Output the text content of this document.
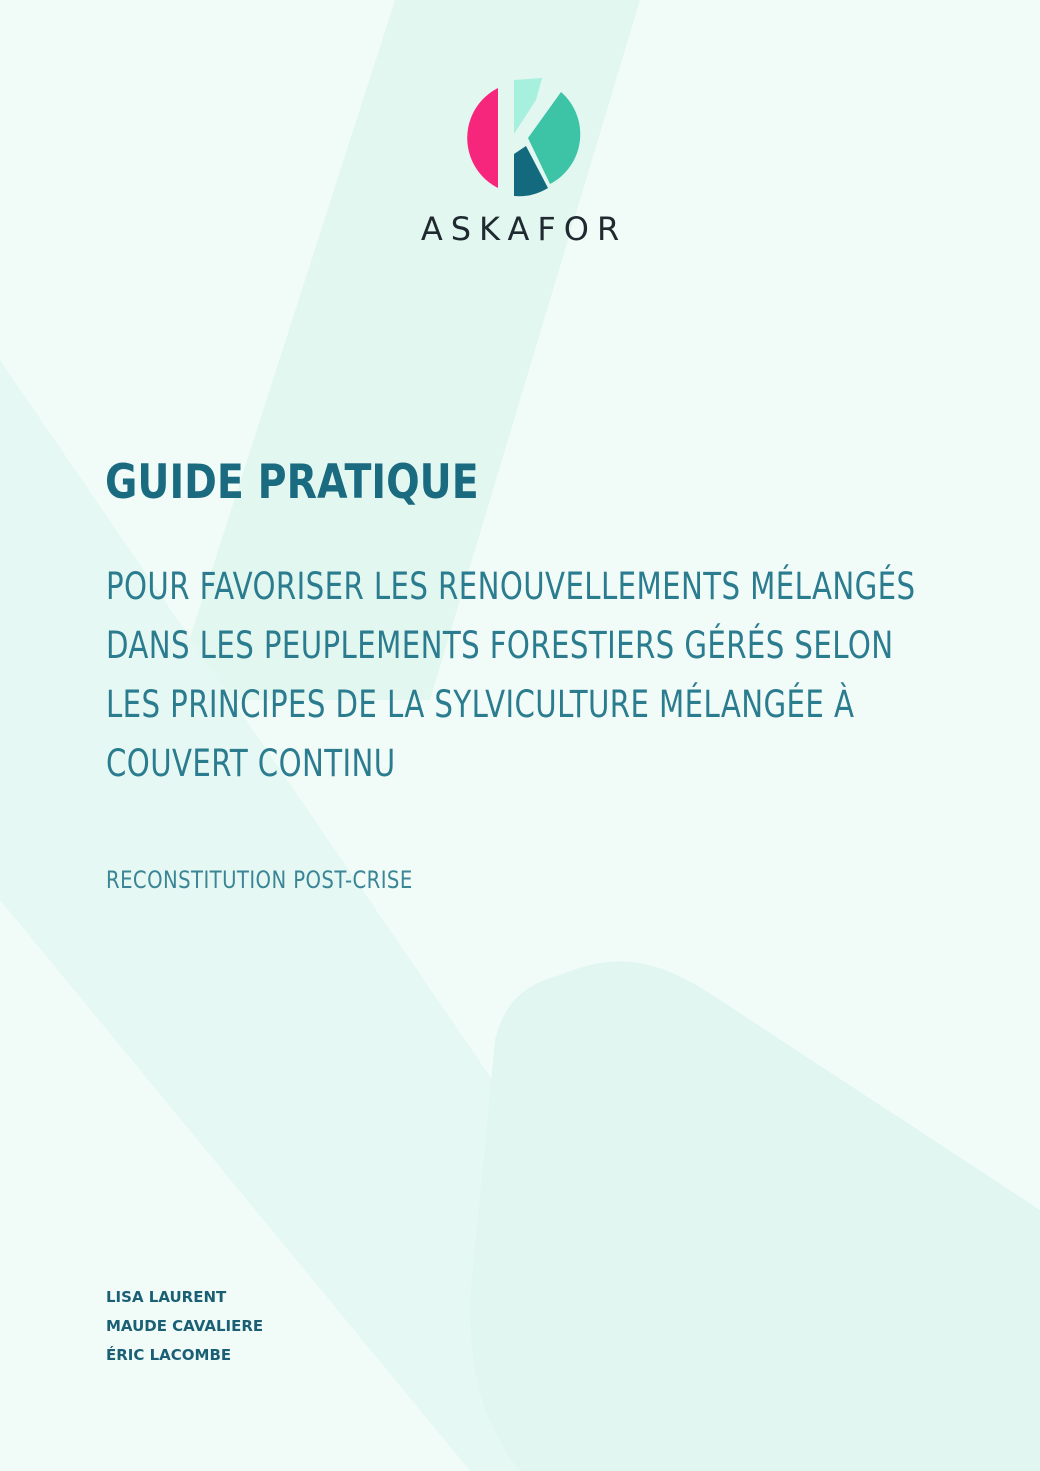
ASKAFOR
GUIDE PRATIQUE
POUR FAVORISER LES RENOUVELLEMENTS MÉLANGÉS
DANS LES PEUPLEMENTS FORESTIERS GÉRÉS SELON
LES PRINCIPES DE LA SYLVICULTURE MÉLANGÉE À
COUVERT CONTINU
RECONSTITUTION POST-CRISE
LISA LAURENT
MAUDE CAVALIERE
ÉRIC LACOMBE
